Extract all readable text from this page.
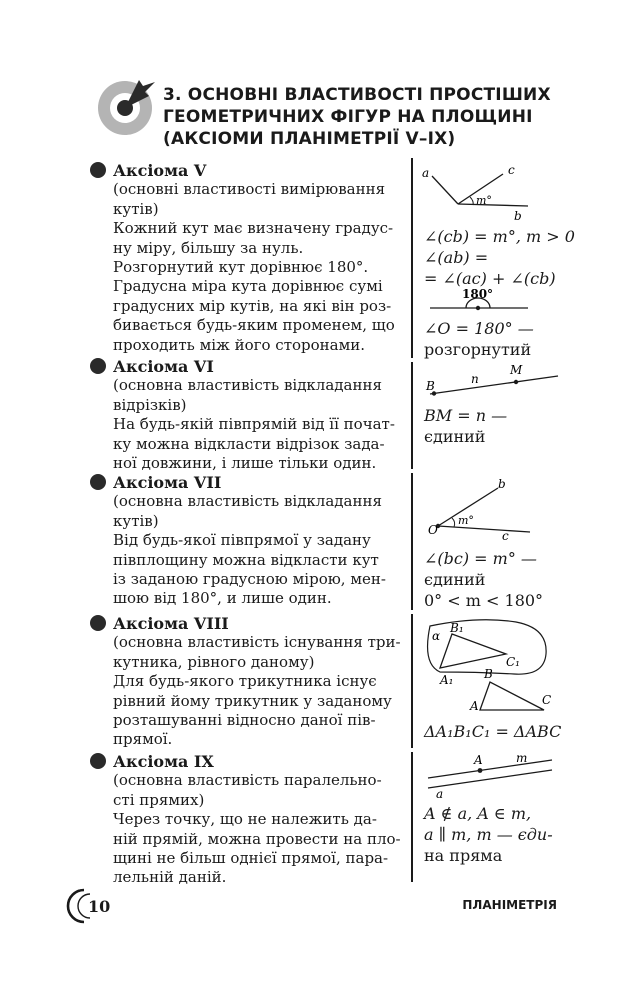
3. ОСНОВНІ ВЛАСТИВОСТІ ПРОСТІШИХ
ГЕОМЕТРИЧНИХ ФІГУР НА ПЛОЩИНІ
(АКСІОМИ ПЛАНІМЕТРІЇ V–IX)
Аксіома V
(основні властивості вимірювання
кутів)
Кожний кут має визначену градус-
ну міру, більшу за нуль.
Розгорнутий кут дорівнює 180°.
Градусна міра кута дорівнює сумі
градусних мір кутів, на які він роз-
бивається будь-яким променем, що
проходить між його сторонами.
a	c
b
m°
∠(cb) = m°, m > 0
∠(ab) =
= ∠(ac) + ∠(cb)
180°
∠O = 180° —
розгорнутий
Аксіома VI
(основна властивість відкладання
відрізків)
На будь-якій півпрямій від її почат-
ку можна відкласти відрізок зада-
ної довжини, і лише тільки один.
B	n
M
BM = n —
єдиний
Аксіома VII
(основна властивість відкладання
кутів)
Від будь-якої півпрямої у задану
півплощину можна відкласти кут
із заданою градусною мірою, мен-
шою від 180°, и лише один.
b
O
m°
c
∠(bc) = m° —
єдиний
0° < m < 180°
Аксіома VIII
(основна властивість існування три-
кутника, рівного даному)
Для будь-якого трикутника існує
рівний йому трикутник у заданому
розташуванні відносно даної пів-
прямої.
α
B₁
C₁
A₁	B
A	C
ΔA₁B₁C₁ = ΔABC
Аксіома IX
(основна властивість паралельно-
сті прямих)
Через точку, що не належить да-
ній прямій, можна провести на пло-
щині не більш однієї прямої, пара-
лельній даній.
A	m
a
A ∉ a, A ∈ m,
a ∥ m, m — єди-
на пряма
10	ПЛАНІМЕТРІЯ
